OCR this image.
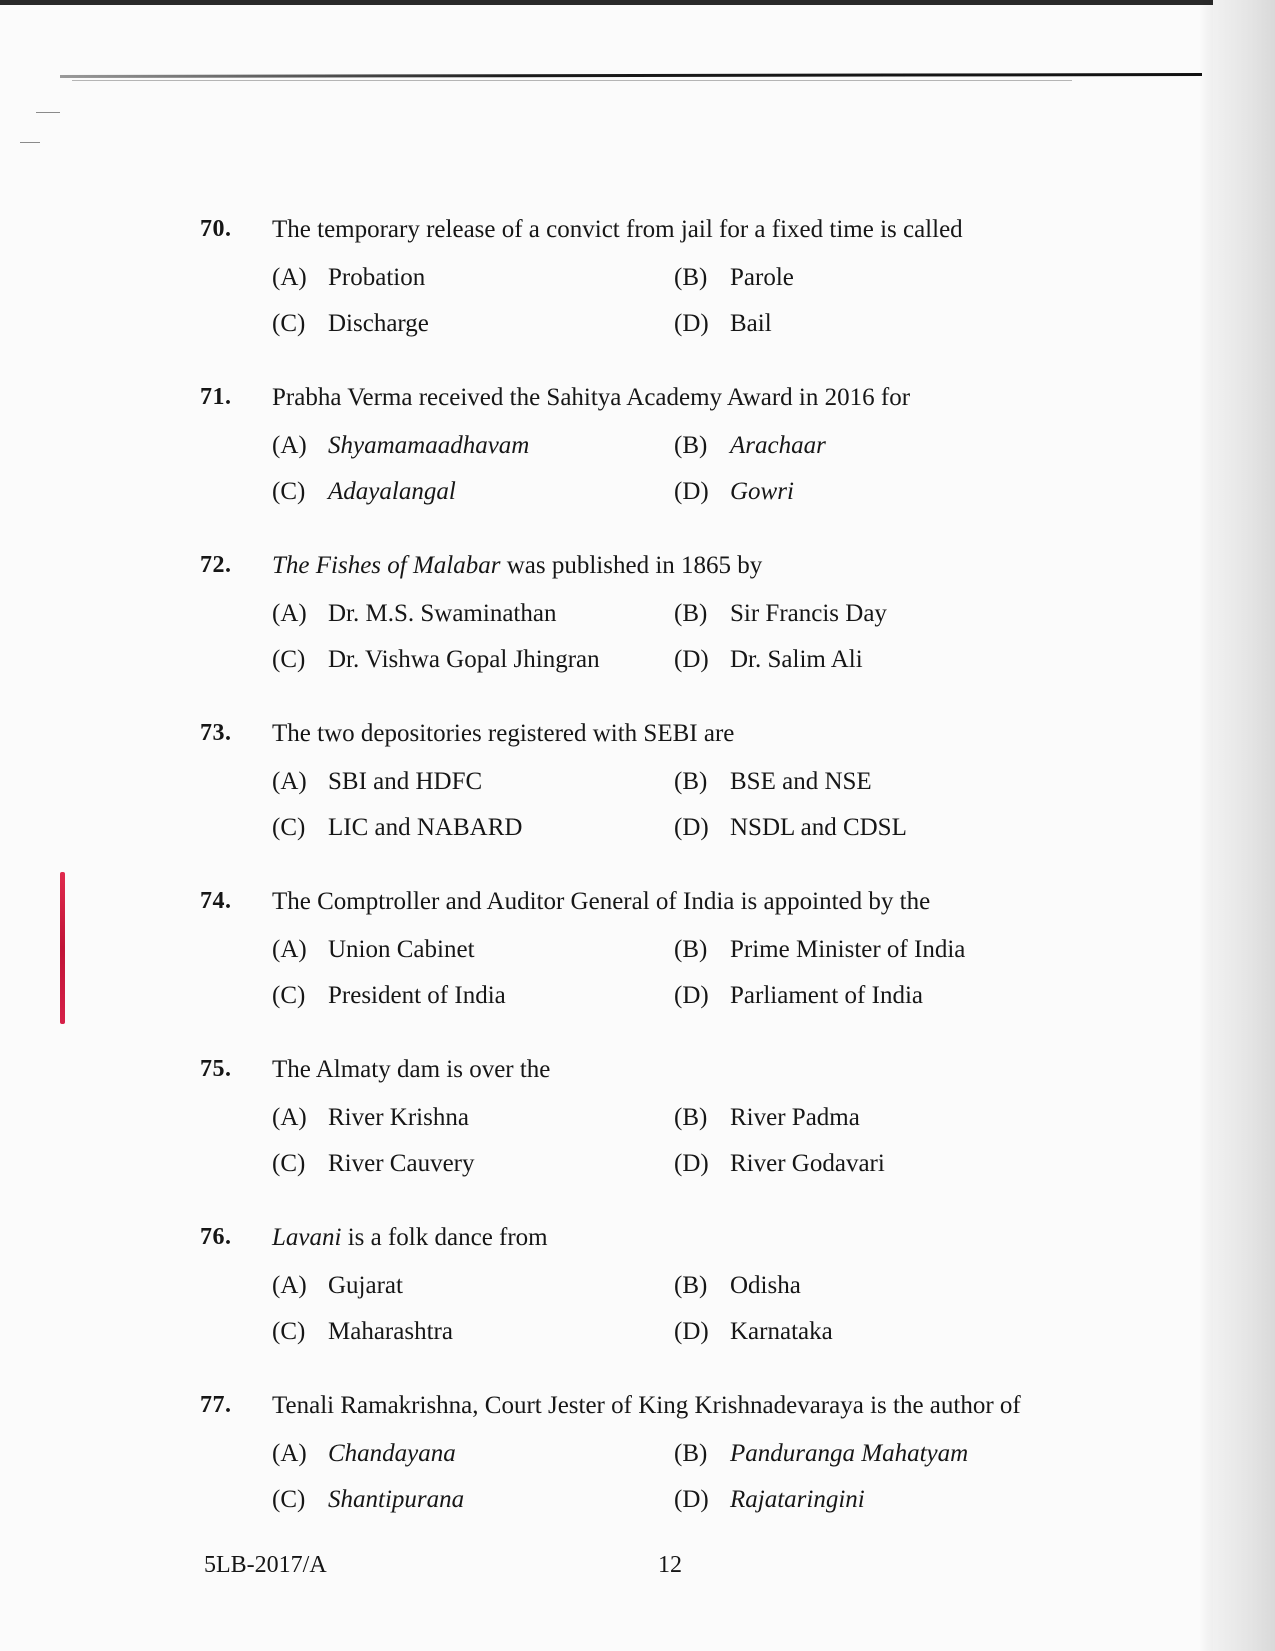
70. The temporary release of a convict from jail for a fixed time is called
(A) Probation	(B) Parole
(C) Discharge	(D) Bail
71. Prabha Verma received the Sahitya Academy Award in 2016 for
(A) Shyamamaadhavam	(B) Arachaar
(C) Adayalangal	(D) Gowri
72. The Fishes of Malabar was published in 1865 by
(A) Dr. M.S. Swaminathan	(B) Sir Francis Day
(C) Dr. Vishwa Gopal Jhingran	(D) Dr. Salim Ali
73. The two depositories registered with SEBI are
(A) SBI and HDFC	(B) BSE and NSE
(C) LIC and NABARD	(D) NSDL and CDSL
74. The Comptroller and Auditor General of India is appointed by the
(A) Union Cabinet	(B) Prime Minister of India
(C) President of India	(D) Parliament of India
75. The Almaty dam is over the
(A) River Krishna	(B) River Padma
(C) River Cauvery	(D) River Godavari
76. Lavani is a folk dance from
(A) Gujarat	(B) Odisha
(C) Maharashtra	(D) Karnataka
77. Tenali Ramakrishna, Court Jester of King Krishnadevaraya is the author of
(A) Chandayana	(B) Panduranga Mahatyam
(C) Shantipurana	(D) Rajataringini
5LB-2017/A	12
